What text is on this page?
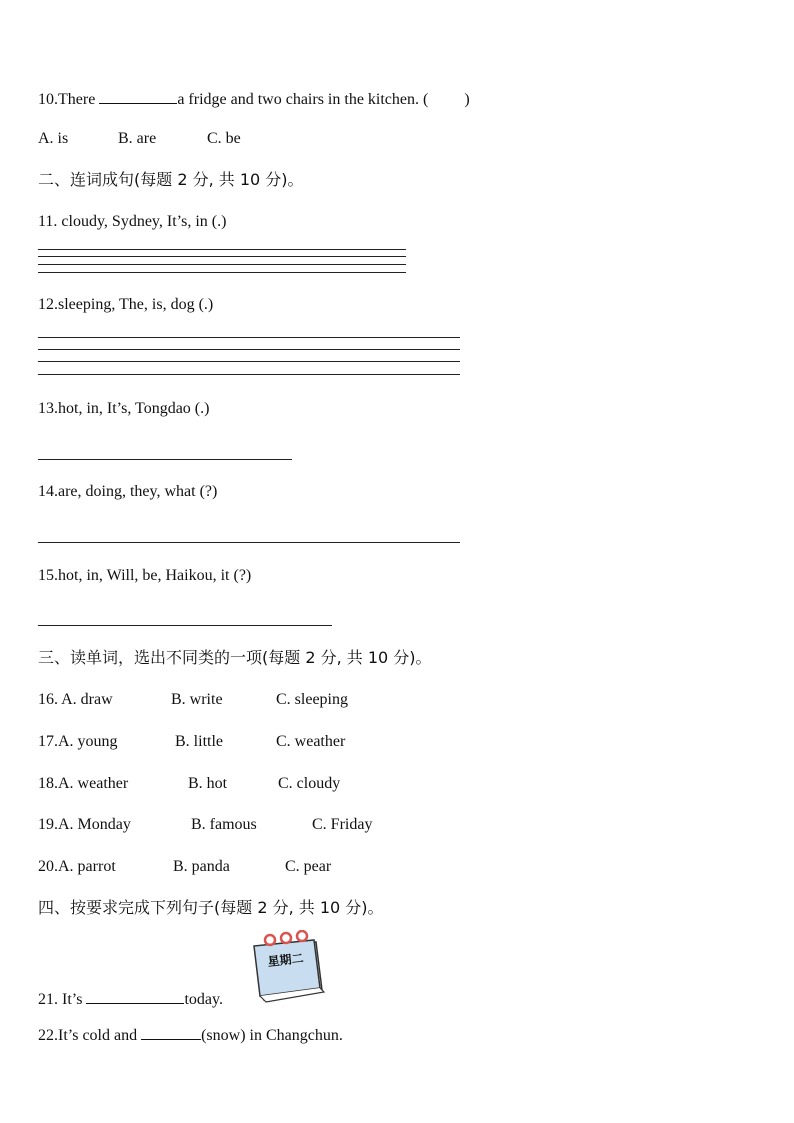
10.There	a fridge and two chairs in the kitchen. ( )
A. is	B. are	C. be
二、连词成句(每题 2 分, 共 10 分)。
11. cloudy, Sydney, It’s, in (.)
12.sleeping, The, is, dog (.)
13.hot, in, It’s, Tongdao (.)
14.are, doing, they, what (?)
15.hot, in, Will, be, Haikou, it (?)
三、读单词，选出不同类的一项(每题 2 分, 共 10 分)。
16. A. draw	B. write	C. sleeping
17.A. young	B. little	C. weather
18.A. weather	B. hot	C. cloudy
19.A. Monday	B. famous	C. Friday
20.A. parrot	B. panda	C. pear
四、按要求完成下列句子(每题 2 分, 共 10 分)。
星期二
21. It’s	today.
22.It’s cold and	(snow) in Changchun.
